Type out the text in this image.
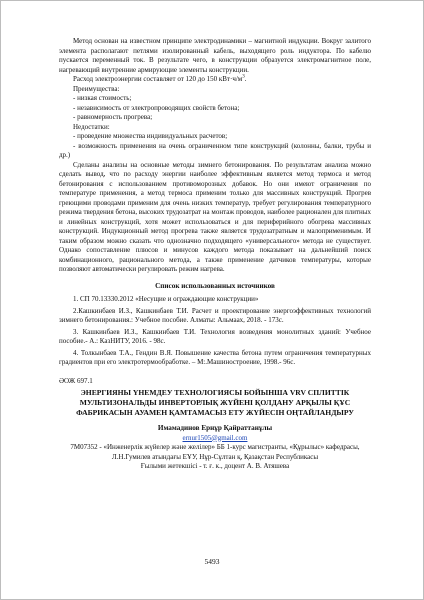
Метод основан на известном принципе электродинамики – магнитной индукции. Вокруг залитого элемента располагают петлями изолированный кабель, выходящего роль индуктора. По кабелю пускается переменный ток. В результате чего, в конструкции образуется электромагнитное поле, нагревающий внутренние армирующие элементы конструкции.

Расход электроэнергии составляет от 120 до 150 $кВт\cdot ч/м^3$.

Преимущества:

- низкая стоимость;

- независимость от электропроводящих свойств бетона;

- равномерность прогрева;

Недостатки:

- проведение множества индивидуальных расчетов;

- возможность применения на очень ограниченном типе конструкций (колонны, балки, трубы и др.)

Сделаны анализы на основные методы зимнего бетонирования. По результатам анализа можно сделать вывод, что по расходу энергии наиболее эффективным является метод термоса и метод бетонирования с использованием противоморозных добавок. Но они имеют ограничения по температуре применения, а метод термоса применим только для массивных конструкций. Прогрев греющими проводами применим для очень низких температур, требует регулирования температурного режима твердения бетона, высоких трудозатрат на монтаж проводов, наиболее рационален для плитных и линейных конструкций, хотя может использоваться и для периферийного обогрева массивных конструкций. Индукционный метод прогрева также является трудозатратным и малоприменимым. И таким образом можно сказать что однозначно подходящего «универсального» метода не существует. Однако сопоставление плюсов и минусов каждого метода показывает на дальнейший поиск комбинационного, рационального метода, а также применение датчиков температуры, которые позволяют автоматически регулировать режим нагрева.

Список использованных источников

1. СП 70.13330.2012 «Несущие и ограждающие конструкции»

2.Кашкинбаев И.З., Кашкинбаев Т.И. Расчет и проектирование энергоэффективных технологий зимнего бетонирования.: Учебное пособие. Алматы: Альмаах, 2018. - 173с.

3. Кашкинбаев И.З., Кашкинбаев Т.И. Технология возведения монолитных зданий: Учебное пособие.- А.: КазНИТУ, 2016. - 98с.

4. Толкынбаев Т.А., Гендин В.Я. Повышение качества бетона путем ограничения температурных градиентов при его электротермообработке. – М:.Машиностроение, 1998.- 96с.

ӘОЖ 697.1

ЭНЕРГИЯНЫ ҮНЕМДЕУ ТЕХНОЛОГИЯСЫ БОЙЫНША VRV СПЛИТТІК МУЛЬТИЗОНАЛЬДЫ ИНВЕРТОРЛЫҚ ЖҮЙЕНІ ҚОЛДАНУ АРҚЫЛЫ ҚҰС ФАБРИКАСЫН АУАМЕН ҚАМТАМАСЫЗ ЕТУ ЖҮЙЕСІН ОҢТАЙЛАНДЫРУ

Имамадинов Ернұр Қайраттанұлы

ernur1505@gmail.com

7М07352 - «Инженерлік жүйелер және желілер» ББ 1-курс магистранты, «Құрылыс» кафедрасы, Л.Н.Гумилев атындағы ЕҰУ, Нұр-Сұлтан қ, Қазақстан Республикасы

Ғылыми жетекшісі - т. ғ. к., доцент А. В. Атяшева

5493
